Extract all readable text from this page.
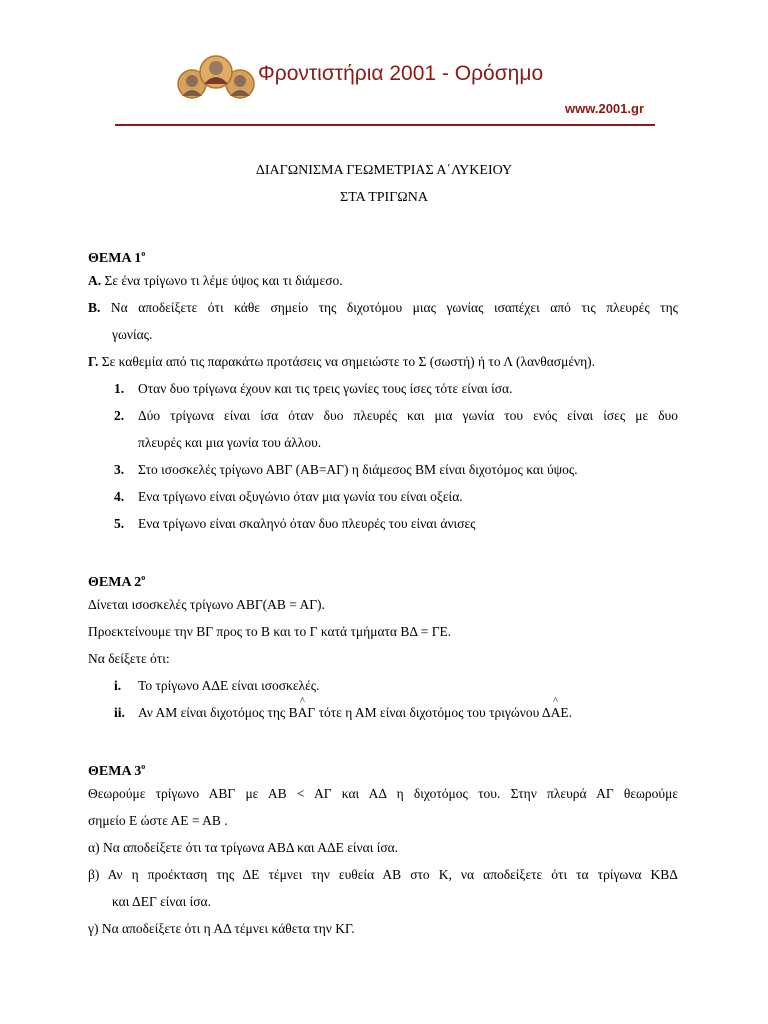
Φροντιστήρια 2001 - Ορόσημο
www.2001.gr
ΔΙΑΓΩΝΙΣΜΑ ΓΕΩΜΕΤΡΙΑΣ Α΄ΛΥΚΕΙΟΥ
ΣΤΑ ΤΡΙΓΩΝΑ
ΘΕΜΑ $1^o$
Α. Σε ένα τρίγωνο τι λέμε ύψος και τι διάμεσο.
Β. Να αποδείξετε ότι κάθε σημείο της διχοτόμου μιας γωνίας ισαπέχει από τις πλευρές της
γωνίας.
Γ. Σε καθεμία από τις παρακάτω προτάσεις να σημειώστε το Σ (σωστή) ή το Λ (λανθασμένη).
1.	Οταν δυο τρίγωνα έχουν και τις τρεις γωνίες τους ίσες τότε είναι ίσα.
2.	Δύο τρίγωνα είναι ίσα όταν δυο πλευρές και μια γωνία του ενός είναι ίσες με δυο
πλευρές και μια γωνία του άλλου.
3.	Στο ισοσκελές τρίγωνο ΑΒΓ (ΑΒ=ΑΓ) η διάμεσος ΒΜ είναι διχοτόμος και ύψος.
4.	Ενα τρίγωνο είναι οξυγώνιο όταν μια γωνία του είναι οξεία.
5.	Ενα τρίγωνο είναι σκαληνό όταν δυο πλευρές του είναι άνισες
ΘΕΜΑ $2^o$
Δίνεται ισοσκελές τρίγωνο ΑΒΓ(ΑΒ = ΑΓ).
Προεκτείνουμε την ΒΓ προς το Β και το Γ κατά τμήματα ΒΔ = ΓΕ.
Να δείξετε ότι:
i.	Το τρίγωνο ΑΔΕ είναι ισοσκελές.
ii. Αν ΑΜ είναι διχοτόμος της Β^ ΑΓ τότε η ΑΜ είναι διχοτόμος του τριγώνου Δ^ ΑΕ.
ΘΕΜΑ $3^o$
Θεωρούμε τρίγωνο ΑΒΓ με ΑΒ < ΑΓ και ΑΔ η διχοτόμος του. Στην πλευρά ΑΓ θεωρούμε
σημείο Ε ώστε ΑΕ = ΑΒ .
α) Να αποδείξετε ότι τα τρίγωνα ΑΒΔ και ΑΔΕ είναι ίσα.
β) Αν η προέκταση της ΔΕ τέμνει την ευθεία ΑΒ στο Κ, να αποδείξετε ότι τα τρίγωνα ΚΒΔ
και ΔΕΓ είναι ίσα.
γ) Να αποδείξετε ότι η ΑΔ τέμνει κάθετα την ΚΓ.
